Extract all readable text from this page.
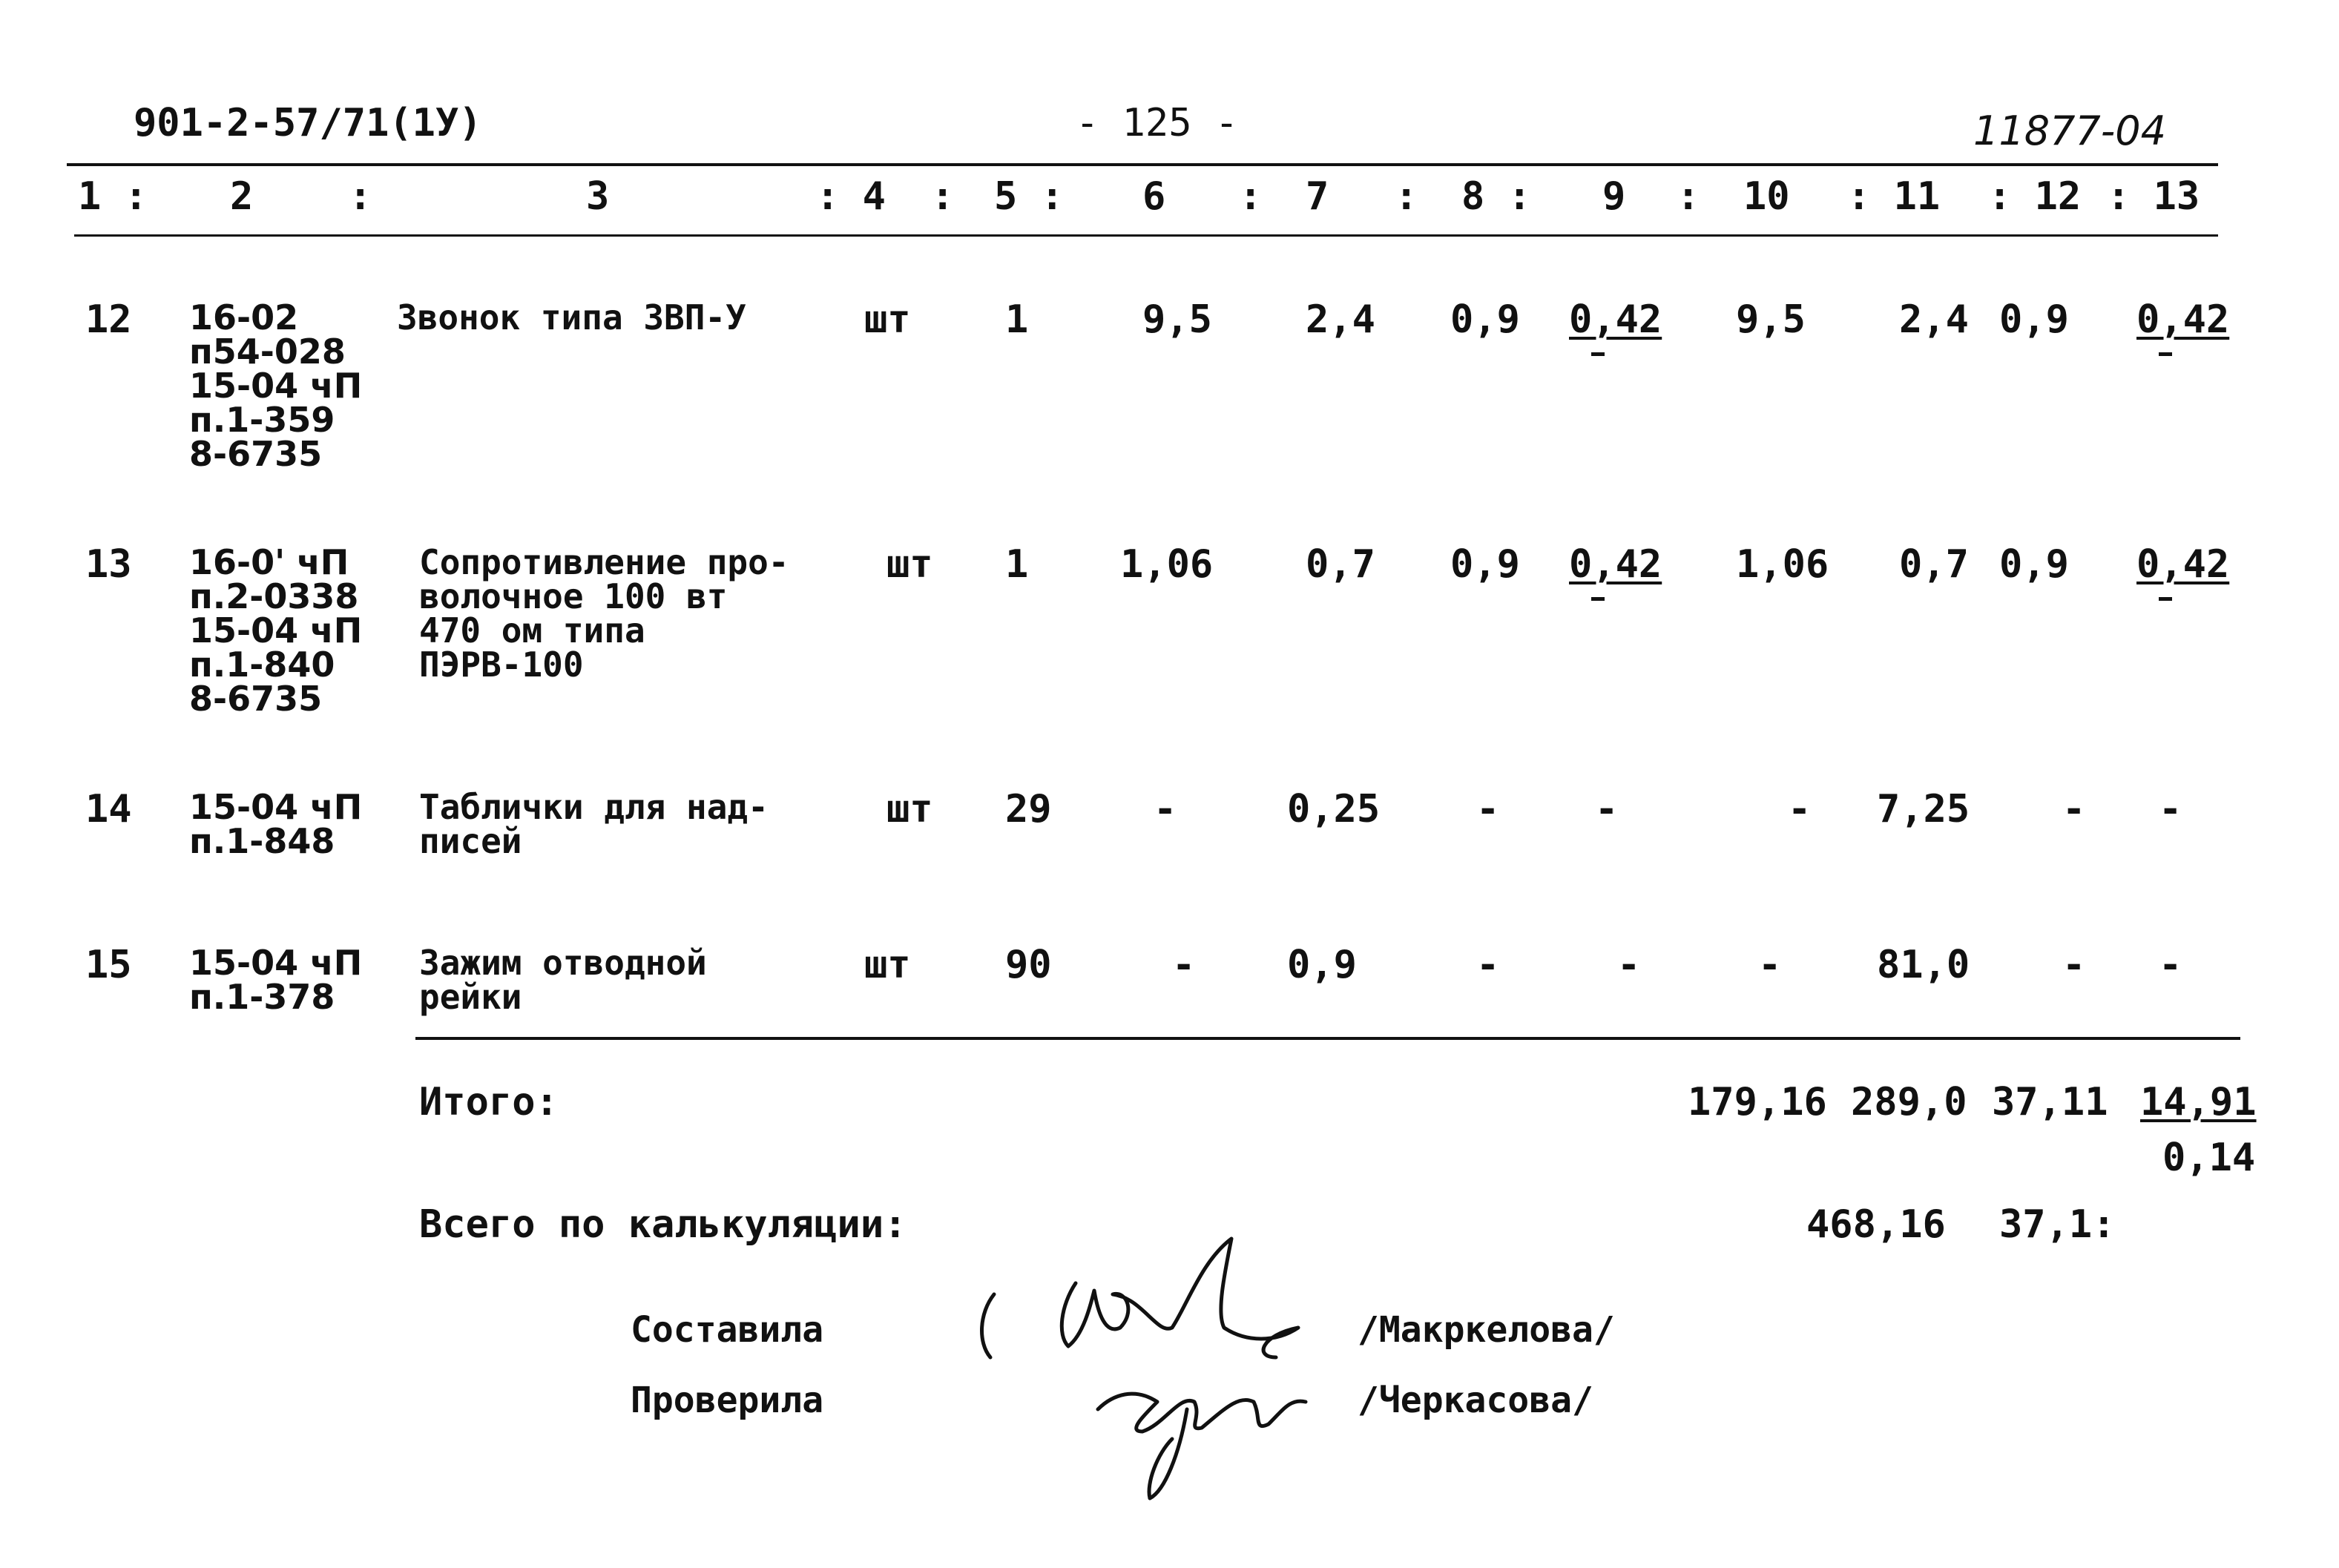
901-2-57/71(1У)	- 125 -	11877-04
1 : 2 :	3	: 4 : 5 : 6 : 7 : 8 : 9 : 10 : 11 : 12 : 13
12 16-02
п54-028
15-04 чП
п.1-359
8-6735
Звонок типа ЗВП-У	шт 1	9,5 2,4 0,9 0,42 9,5 2,4 0,9 0,42
13 16-0' чП
п.2-0338
15-04 чП
п.1-840
8-6735
Сопротивление про-
волочное 100 вт
470 ом типа
ПЭРВ-100
шт 1 1,06 0,7 0,9 0,42 1,06 0,7 0,9 0,42
14 15-04 чП
п.1-848
Таблички для над-
писей
шт 29	-	0,25 - -	- 7,25 - -
15 15-04 чП
п.1-378
Зажим отводной
рейки
шт 90	- 0,9	-	-	- 81,0 - -
Итого:	179,16 289,0 37,11 14,91
0,14
Всего по калькуляции:	468,16 37,1:
Составила	/Макркелова/
Проверила	/Черкасова/
